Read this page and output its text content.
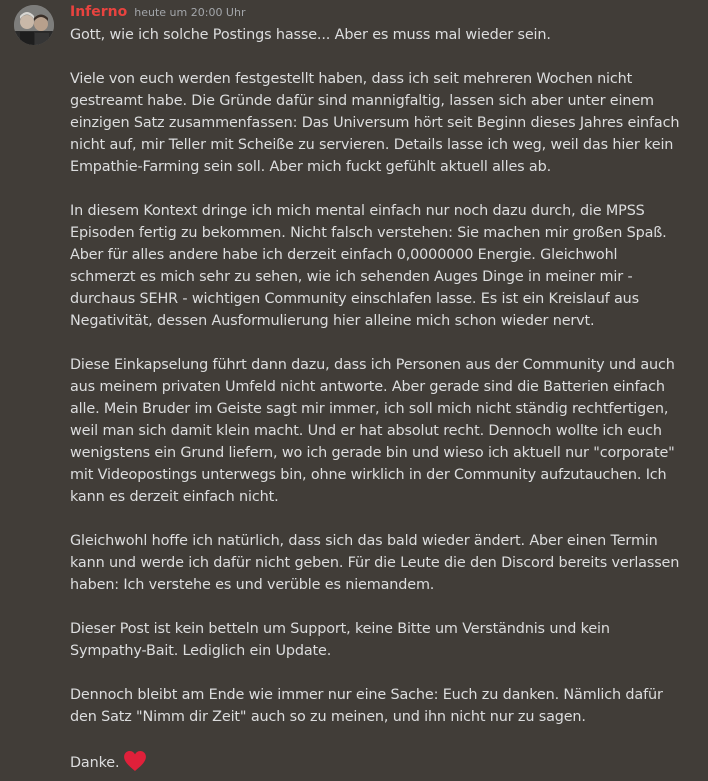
Inferno heute um 20:00 Uhr

Gott, wie ich solche Postings hasse... Aber es muss mal wieder sein.

Viele von euch werden festgestellt haben, dass ich seit mehreren Wochen nicht
gestreamt habe. Die Gründe dafür sind mannigfaltig, lassen sich aber unter einem
einzigen Satz zusammenfassen: Das Universum hört seit Beginn dieses Jahres einfach
nicht auf, mir Teller mit Scheiße zu servieren. Details lasse ich weg, weil das hier kein
Empathie-Farming sein soll. Aber mich fuckt gefühlt aktuell alles ab.

In diesem Kontext dringe ich mich mental einfach nur noch dazu durch, die MPSS
Episoden fertig zu bekommen. Nicht falsch verstehen: Sie machen mir großen Spaß.
Aber für alles andere habe ich derzeit einfach 0,0000000 Energie. Gleichwohl
schmerzt es mich sehr zu sehen, wie ich sehenden Auges Dinge in meiner mir -
durchaus SEHR - wichtigen Community einschlafen lasse. Es ist ein Kreislauf aus
Negativität, dessen Ausformulierung hier alleine mich schon wieder nervt.

Diese Einkapselung führt dann dazu, dass ich Personen aus der Community und auch
aus meinem privaten Umfeld nicht antworte. Aber gerade sind die Batterien einfach
alle. Mein Bruder im Geiste sagt mir immer, ich soll mich nicht ständig rechtfertigen,
weil man sich damit klein macht. Und er hat absolut recht. Dennoch wollte ich euch
wenigstens ein Grund liefern, wo ich gerade bin und wieso ich aktuell nur "corporate"
mit Videopostings unterwegs bin, ohne wirklich in der Community aufzutauchen. Ich
kann es derzeit einfach nicht.

Gleichwohl hoffe ich natürlich, dass sich das bald wieder ändert. Aber einen Termin
kann und werde ich dafür nicht geben. Für die Leute die den Discord bereits verlassen
haben: Ich verstehe es und verüble es niemandem.

Dieser Post ist kein betteln um Support, keine Bitte um Verständnis und kein
Sympathy-Bait. Lediglich ein Update.

Dennoch bleibt am Ende wie immer nur eine Sache: Euch zu danken. Nämlich dafür
den Satz "Nimm dir Zeit" auch so zu meinen, und ihn nicht nur zu sagen.

Danke.
